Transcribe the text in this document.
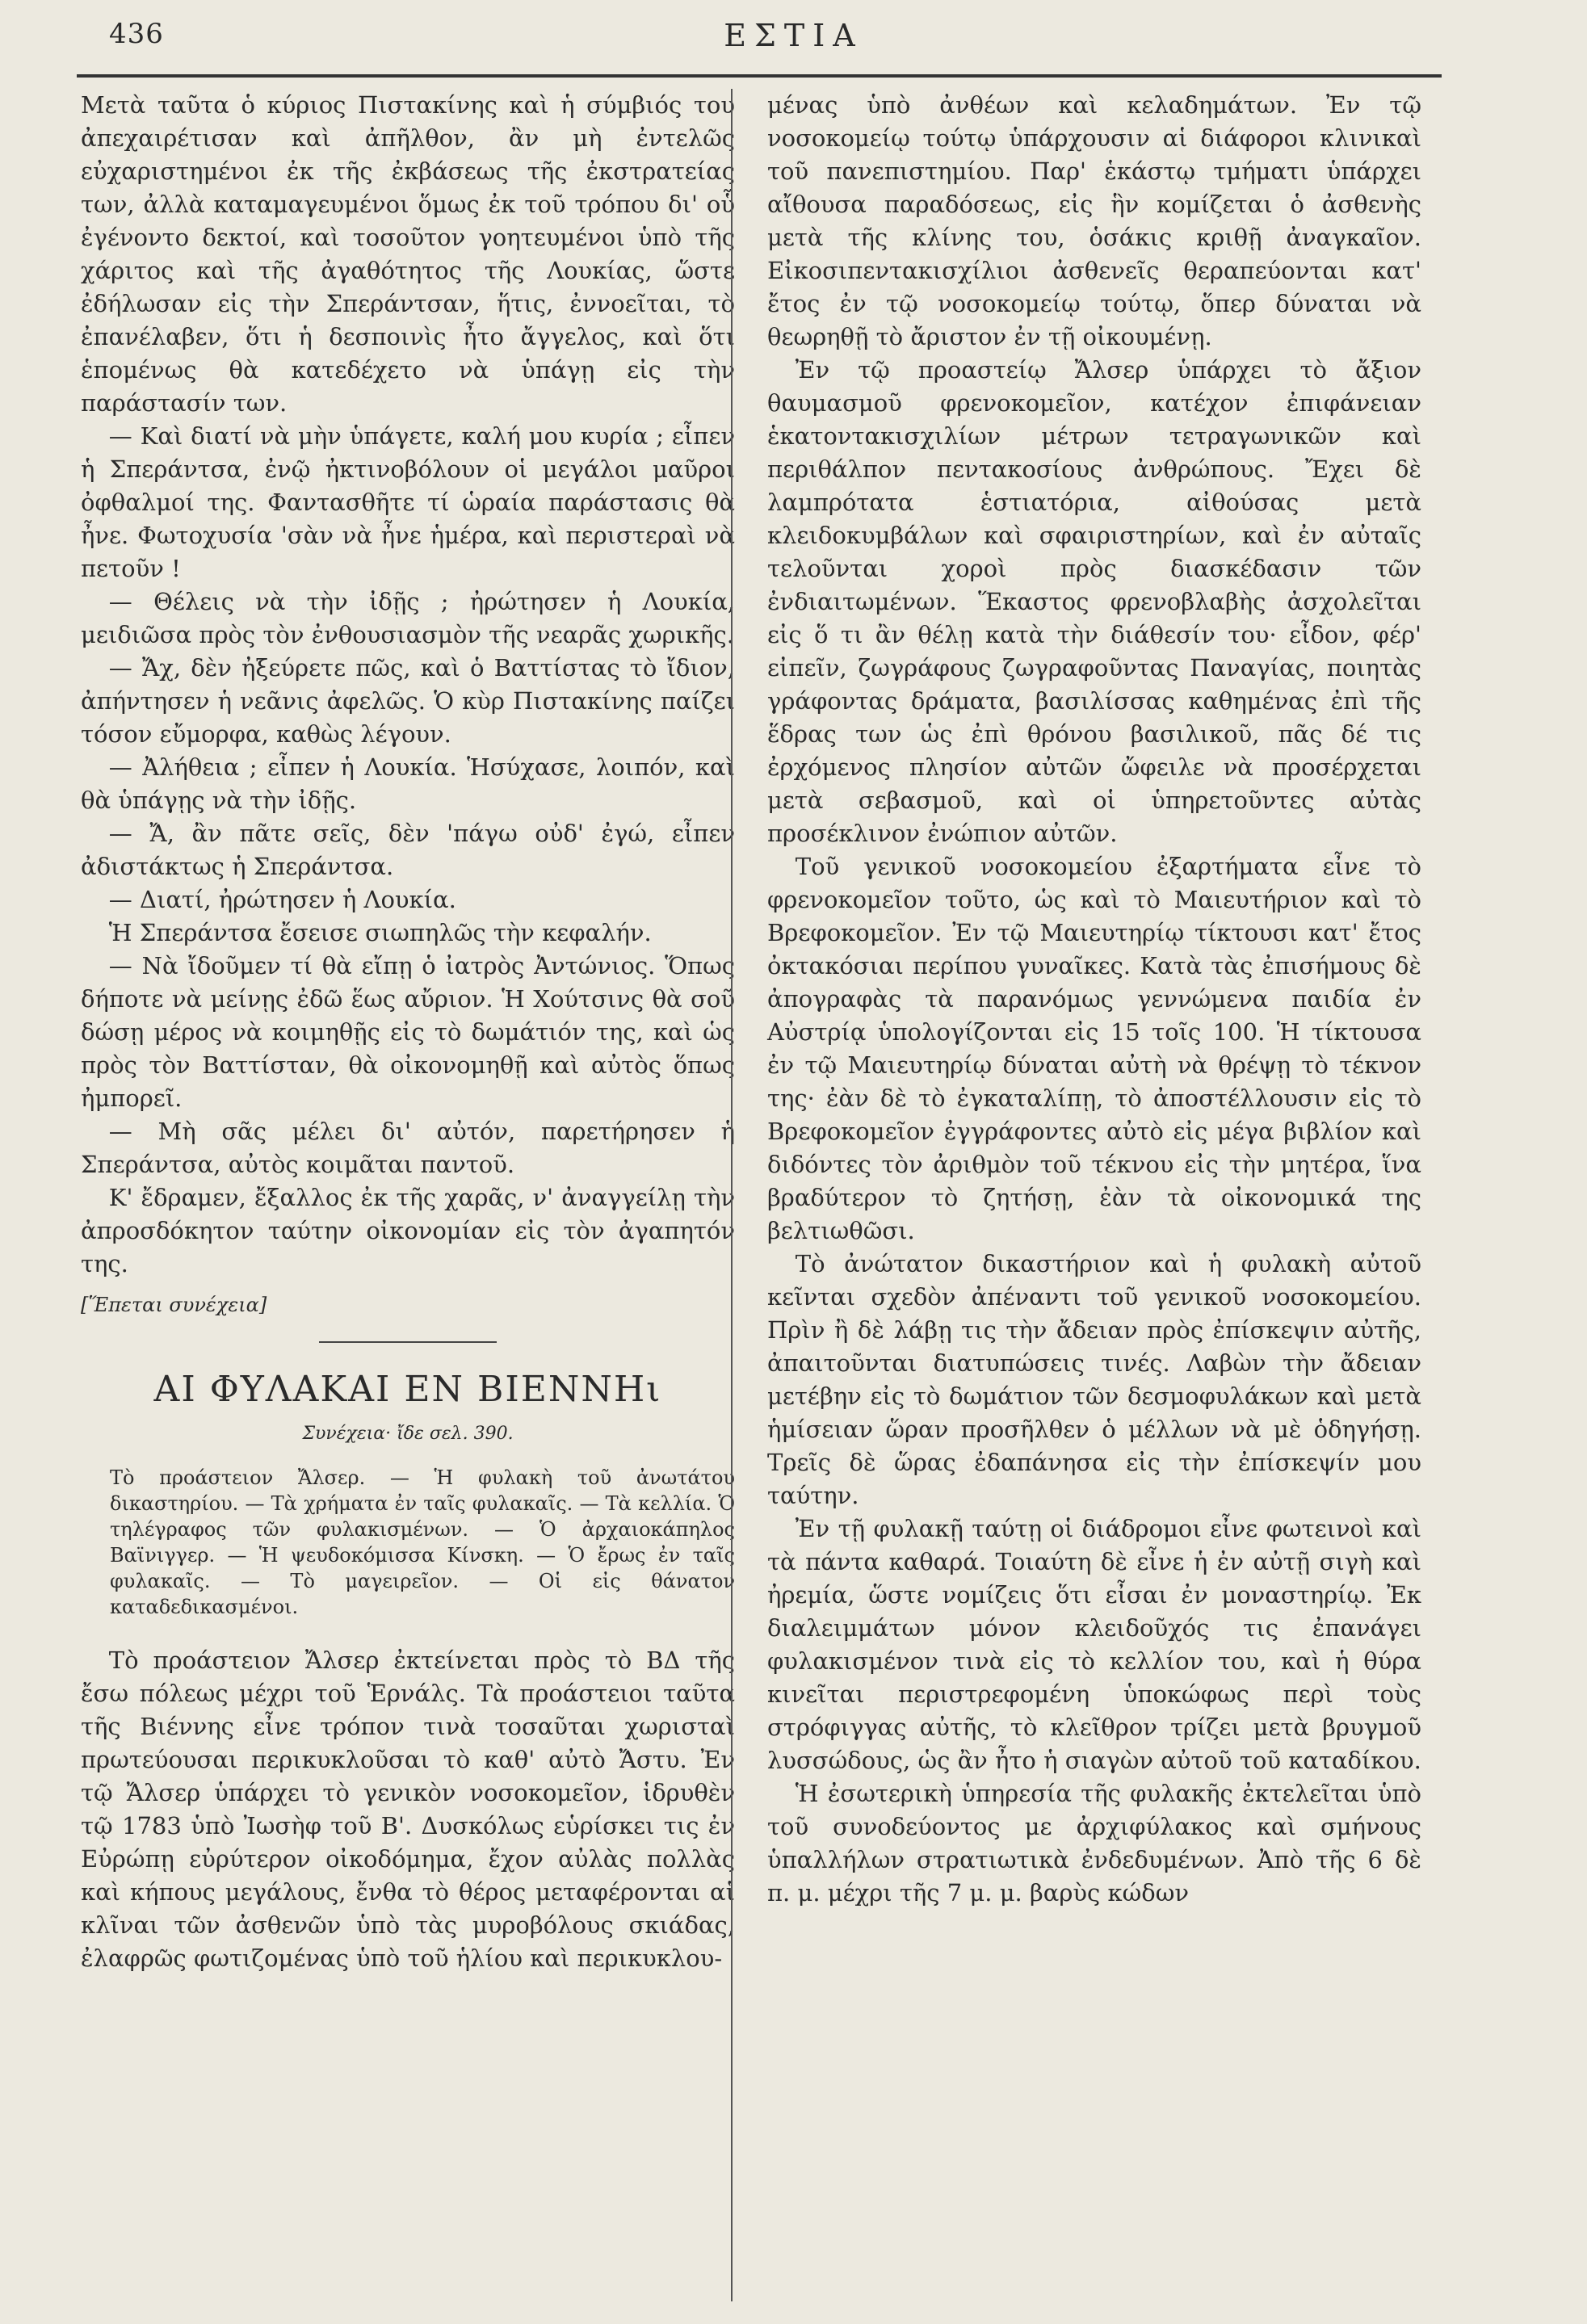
436	ΕΣΤΙΑ

Μετὰ ταῦτα ὁ κύριος Πιστακίνης καὶ ἡ σύμβιός του ἀπεχαιρέτισαν καὶ ἀπῆλθον, ἂν μὴ ἐντελῶς εὐχαριστημένοι ἐκ τῆς ἐκβάσεως τῆς ἐκστρατείας των, ἀλλὰ καταμαγευμένοι ὅμως ἐκ τοῦ τρόπου δι' οὗ ἐγένοντο δεκτοί, καὶ τοσοῦτον γοητευμένοι ὑπὸ τῆς χάριτος καὶ τῆς ἀγαθότητος τῆς Λουκίας, ὥστε ἐδήλωσαν εἰς τὴν Σπεράντσαν, ἥτις, ἐννοεῖται, τὸ ἐπανέλαβεν, ὅτι ἡ δεσποινὶς ἦτο ἄγγελος, καὶ ὅτι ἑπομένως θὰ κατεδέχετο νὰ ὑπάγῃ εἰς τὴν παράστασίν των.

— Καὶ διατί νὰ μὴν ὑπάγετε, καλή μου κυρία ; εἶπεν ἡ Σπεράντσα, ἐνῷ ἠκτινοβόλουν οἱ μεγάλοι μαῦροι ὀφθαλμοί της. Φαντασθῆτε τί ὡραία παράστασις θὰ ἦνε. Φωτοχυσία 'σὰν νὰ ἦνε ἡμέρα, καὶ περιστεραὶ νὰ πετοῦν !

— Θέλεις νὰ τὴν ἰδῇς ; ἠρώτησεν ἡ Λουκία, μειδιῶσα πρὸς τὸν ἐνθουσιασμὸν τῆς νεαρᾶς χωρικῆς.

— Ἄχ, δὲν ἠξεύρετε πῶς, καὶ ὁ Βαττίστας τὸ ἴδιον, ἀπήντησεν ἡ νεᾶνις ἀφελῶς. Ὁ κὺρ Πιστακίνης παίζει τόσον εὔμορφα, καθὼς λέγουν.

— Ἀλήθεια ; εἶπεν ἡ Λουκία. Ἡσύχασε, λοιπόν, καὶ θὰ ὑπάγῃς νὰ τὴν ἰδῇς.

— Ἄ, ἂν πᾶτε σεῖς, δὲν 'πάγω οὐδ' ἐγώ, εἶπεν ἀδιστάκτως ἡ Σπεράντσα.

— Διατί, ἠρώτησεν ἡ Λουκία.

Ἡ Σπεράντσα ἔσεισε σιωπηλῶς τὴν κεφαλήν.

— Νὰ ἴδοῦμεν τί θὰ εἴπῃ ὁ ἰατρὸς Ἀντώνιος. Ὅπως δήποτε νὰ μείνῃς ἐδῶ ἕως αὔριον. Ἡ Χούτσινς θὰ σοῦ δώσῃ μέρος νὰ κοιμηθῇς εἰς τὸ δωμάτιόν της, καὶ ὡς πρὸς τὸν Βαττίσταν, θὰ οἰκονομηθῇ καὶ αὐτὸς ὅπως ἠμπορεῖ.

— Μὴ σᾶς μέλει δι' αὐτόν, παρετήρησεν ἡ Σπεράντσα, αὐτὸς κοιμᾶται παντοῦ.

Κ' ἔδραμεν, ἔξαλλος ἐκ τῆς χαρᾶς, ν' ἀναγγείλῃ τὴν ἀπροσδόκητον ταύτην οἰκονομίαν εἰς τὸν ἀγαπητόν της.

[Ἕπεται συνέχεια]
ΑΙ ΦΥΛΑΚΑΙ ΕΝ ΒΙΕΝΝΗι
Συνέχεια· ἴδε σελ. 390.

Τὸ προάστειον Ἄλσερ. — Ἡ φυλακὴ τοῦ ἀνωτάτου δικαστηρίου. — Τὰ χρήματα ἐν ταῖς φυλακαῖς. — Τὰ κελλία. Ὁ τηλέγραφος τῶν φυλακισμένων. — Ὁ ἀρχαιοκάπηλος Βαϊνιγγερ. — Ἡ ψευδοκόμισσα Κίνσκη. — Ὁ ἔρως ἐν ταῖς φυλακαῖς. — Τὸ μαγειρεῖον. — Οἱ εἰς θάνατον καταδεδικασμένοι.

Τὸ προάστειον Ἄλσερ ἐκτείνεται πρὸς τὸ ΒΔ τῆς ἔσω πόλεως μέχρι τοῦ Ἑρνάλς. Τὰ προάστειοι ταῦτα τῆς Βιέννης εἶνε τρόπον τινὰ τοσαῦται χωρισταὶ πρωτεύουσαι περικυκλοῦσαι τὸ καθ' αὐτὸ Ἄστυ. Ἐν τῷ Ἄλσερ ὑπάρχει τὸ γενικὸν νοσοκομεῖον, ἱδρυθὲν τῷ 1783 ὑπὸ Ἰωσὴφ τοῦ Β'. Δυσκόλως εὑρίσκει τις ἐν Εὐρώπῃ εὐρύτερον οἰκοδόμημα, ἔχον αὐλὰς πολλὰς καὶ κήπους μεγάλους, ἔνθα τὸ θέρος μεταφέρονται αἱ κλῖναι τῶν ἀσθενῶν ὑπὸ τὰς μυροβόλους σκιάδας, ἐλαφρῶς φωτιζομένας ὑπὸ τοῦ ἡλίου καὶ περικυκλου-

μένας ὑπὸ ἀνθέων καὶ κελαδημάτων. Ἐν τῷ νοσοκομείῳ τούτῳ ὑπάρχουσιν αἱ διάφοροι κλινικαὶ τοῦ πανεπιστημίου. Παρ' ἑκάστῳ τμήματι ὑπάρχει αἴθουσα παραδόσεως, εἰς ἣν κομίζεται ὁ ἀσθενὴς μετὰ τῆς κλίνης του, ὁσάκις κριθῇ ἀναγκαῖον. Εἰκοσιπεντακισχίλιοι ἀσθενεῖς θεραπεύονται κατ' ἔτος ἐν τῷ νοσοκομείῳ τούτῳ, ὅπερ δύναται νὰ θεωρηθῇ τὸ ἄριστον ἐν τῇ οἰκουμένῃ.

Ἐν τῷ προαστείῳ Ἄλσερ ὑπάρχει τὸ ἄξιον θαυμασμοῦ φρενοκομεῖον, κατέχον ἐπιφάνειαν ἑκατοντακισχιλίων μέτρων τετραγωνικῶν καὶ περιθάλπον πεντακοσίους ἀνθρώπους. Ἔχει δὲ λαμπρότατα ἑστιατόρια, αἰθούσας μετὰ κλειδοκυμβάλων καὶ σφαιριστηρίων, καὶ ἐν αὐταῖς τελοῦνται χοροὶ πρὸς διασκέδασιν τῶν ἐνδιαιτωμένων. Ἕκαστος φρενοβλαβὴς ἀσχολεῖται εἰς ὅ τι ἂν θέλῃ κατὰ τὴν διάθεσίν του· εἶδον, φέρ' εἰπεῖν, ζωγράφους ζωγραφοῦντας Παναγίας, ποιητὰς γράφοντας δράματα, βασιλίσσας καθημένας ἐπὶ τῆς ἕδρας των ὡς ἐπὶ θρόνου βασιλικοῦ, πᾶς δέ τις ἐρχόμενος πλησίον αὐτῶν ὤφειλε νὰ προσέρχεται μετὰ σεβασμοῦ, καὶ οἱ ὑπηρετοῦντες αὐτὰς προσέκλινον ἐνώπιον αὐτῶν.

Τοῦ γενικοῦ νοσοκομείου ἐξαρτήματα εἶνε τὸ φρενοκομεῖον τοῦτο, ὡς καὶ τὸ Μαιευτήριον καὶ τὸ Βρεφοκομεῖον. Ἐν τῷ Μαιευτηρίῳ τίκτουσι κατ' ἔτος ὀκτακόσιαι περίπου γυναῖκες. Κατὰ τὰς ἐπισήμους δὲ ἀπογραφὰς τὰ παρανόμως γεννώμενα παιδία ἐν Αὐστρίᾳ ὑπολογίζονται εἰς 15 τοῖς 100. Ἡ τίκτουσα ἐν τῷ Μαιευτηρίῳ δύναται αὐτὴ νὰ θρέψῃ τὸ τέκνον της· ἐὰν δὲ τὸ ἐγκαταλίπῃ, τὸ ἀποστέλλουσιν εἰς τὸ Βρεφοκομεῖον ἐγγράφοντες αὐτὸ εἰς μέγα βιβλίον καὶ διδόντες τὸν ἀριθμὸν τοῦ τέκνου εἰς τὴν μητέρα, ἵνα βραδύτερον τὸ ζητήσῃ, ἐὰν τὰ οἰκονομικά της βελτιωθῶσι.

Τὸ ἀνώτατον δικαστήριον καὶ ἡ φυλακὴ αὐτοῦ κεῖνται σχεδὸν ἀπέναντι τοῦ γενικοῦ νοσοκομείου. Πρὶν ἢ δὲ λάβῃ τις τὴν ἄδειαν πρὸς ἐπίσκεψιν αὐτῆς, ἀπαιτοῦνται διατυπώσεις τινές. Λαβὼν τὴν ἄδειαν μετέβην εἰς τὸ δωμάτιον τῶν δεσμοφυλάκων καὶ μετὰ ἡμίσειαν ὥραν προσῆλθεν ὁ μέλλων νὰ μὲ ὁδηγήσῃ. Τρεῖς δὲ ὥρας ἐδαπάνησα εἰς τὴν ἐπίσκεψίν μου ταύτην.

Ἐν τῇ φυλακῇ ταύτῃ οἱ διάδρομοι εἶνε φωτεινοὶ καὶ τὰ πάντα καθαρά. Τοιαύτη δὲ εἶνε ἡ ἐν αὐτῇ σιγὴ καὶ ἠρεμία, ὥστε νομίζεις ὅτι εἶσαι ἐν μοναστηρίῳ. Ἐκ διαλειμμάτων μόνον κλειδοῦχός τις ἐπανάγει φυλακισμένον τινὰ εἰς τὸ κελλίον του, καὶ ἡ θύρα κινεῖται περιστρεφομένη ὑποκώφως περὶ τοὺς στρόφιγγας αὐτῆς, τὸ κλεῖθρον τρίζει μετὰ βρυγμοῦ λυσσώδους, ὡς ἂν ἦτο ἡ σιαγὼν αὐτοῦ τοῦ καταδίκου.

Ἡ ἐσωτερικὴ ὑπηρεσία τῆς φυλακῆς ἐκτελεῖται ὑπὸ τοῦ συνοδεύοντος με ἀρχιφύλακος καὶ σμήνους ὑπαλλήλων στρατιωτικὰ ἐνδεδυμένων. Ἀπὸ τῆς 6 δὲ π. μ. μέχρι τῆς 7 μ. μ. βαρὺς κώδων
